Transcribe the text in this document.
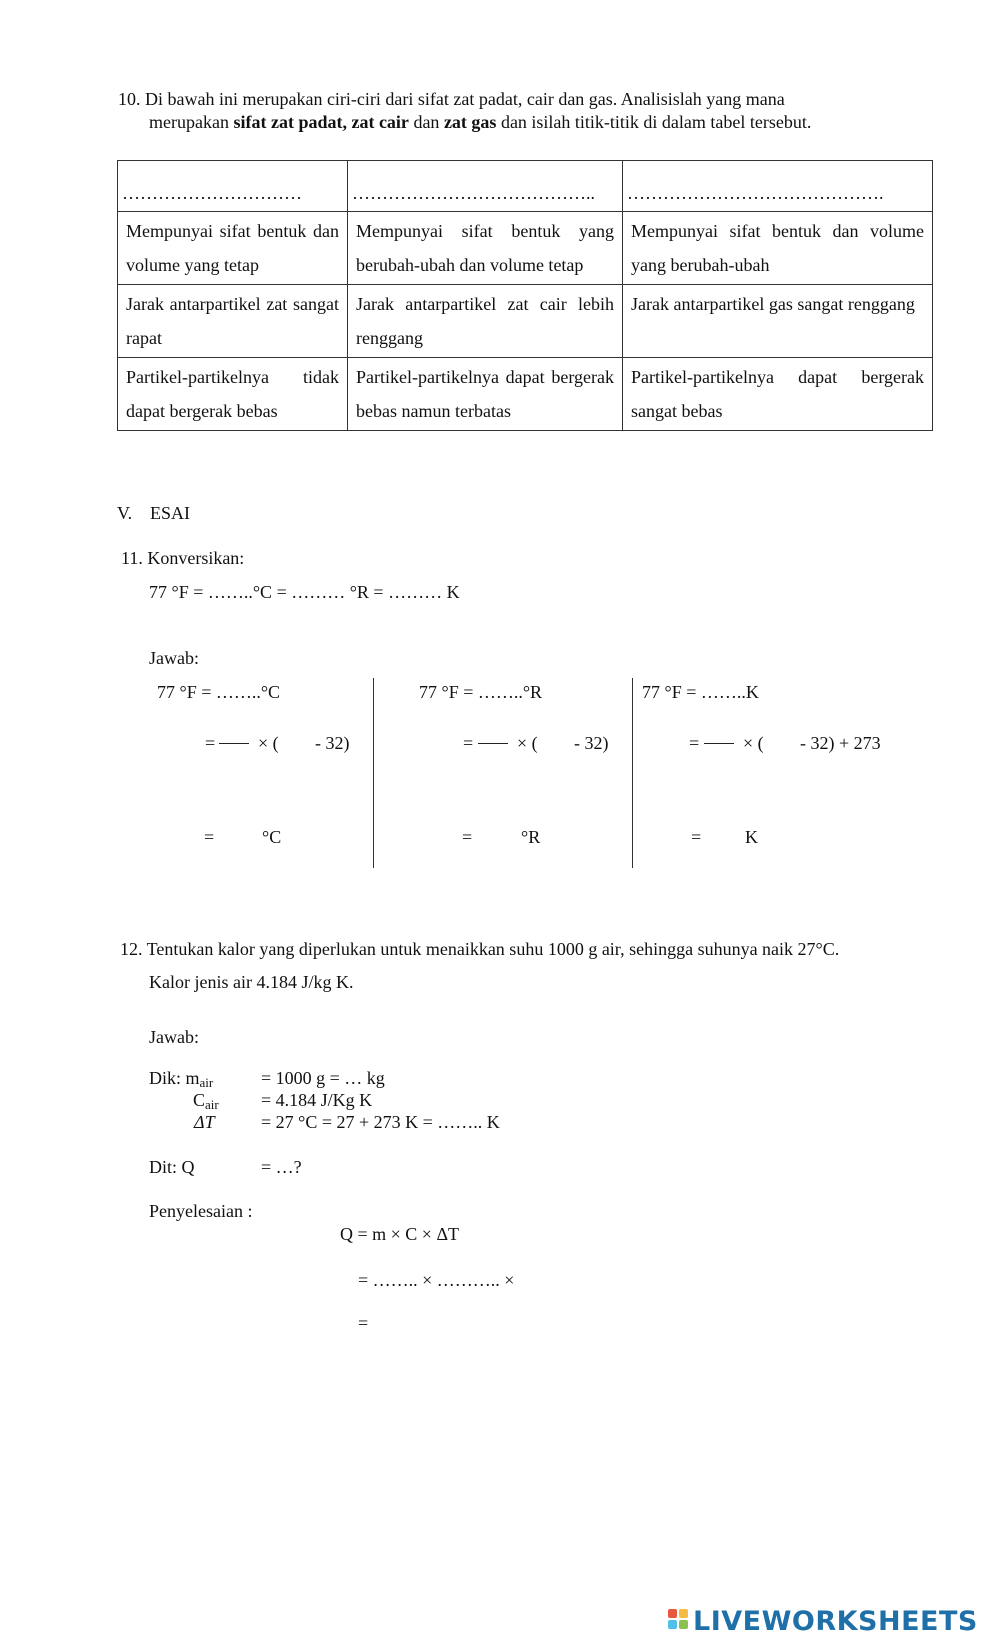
10. Di bawah ini merupakan ciri-ciri dari sifat zat padat, cair dan gas. Analisislah yang mana
merupakan sifat zat padat, zat cair dan zat gas dan isilah titik-titik di dalam tabel tersebut.
…………………………	…………………………………..	…………………………………….
Mempunyai sifat bentuk dan volume yang tetap	Mempunyai sifat bentuk yang berubah-ubah dan volume tetap	Mempunyai sifat bentuk dan volume yang berubah-ubah
Jarak antarpartikel zat sangat rapat	Jarak antarpartikel zat cair lebih renggang	Jarak antarpartikel gas sangat renggang
Partikel-partikelnya tidak dapat bergerak bebas	Partikel-partikelnya dapat bergerak bebas namun terbatas	Partikel-partikelnya dapat bergerak sangat bebas
V. ESAI
11. Konversikan:
77 °F = ……..°C = ……… °R = ……… K
Jawab:
77 °F = ……..°C
= × ( - 32)
=	°C
77 °F = ……..°R
= × ( - 32)
=	°R
77 °F = ……..K
= × ( - 32) + 273
= K
12. Tentukan kalor yang diperlukan untuk menaikkan suhu 1000 g air, sehingga suhunya naik 27°C.
Kalor jenis air 4.184 J/kg K.
Jawab:
Dik: $m_{air}$	= 1000 g = … kg
$C_{air} = 4.184$ J/Kg K
ΔT	= 27 °C = 27 + 273 K = …….. K
Dit: Q	= …?
Penyelesaian :
Q = m × C × ΔT
= …….. × ……….. ×
=
LIVEWORKSHEETS
